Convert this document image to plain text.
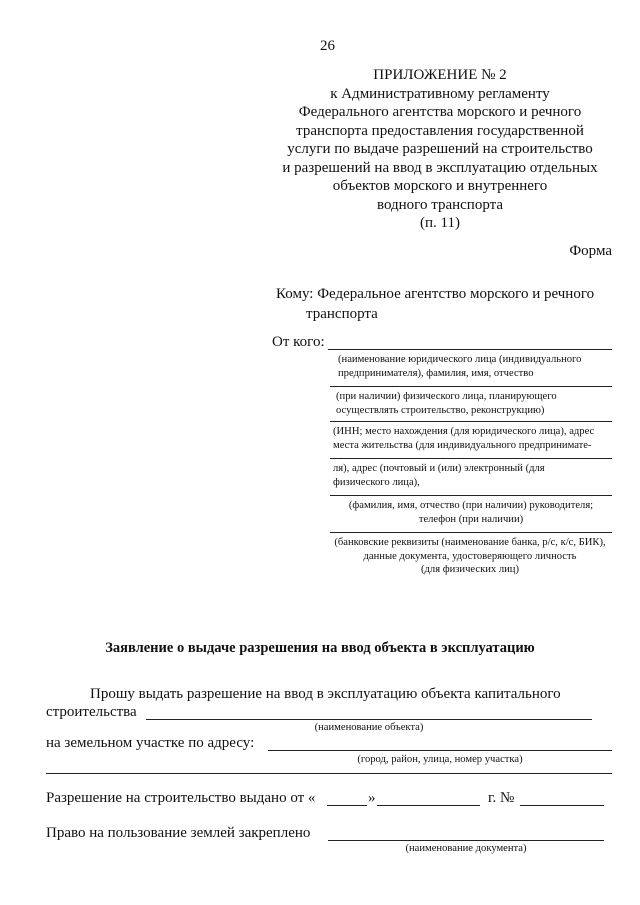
26
ПРИЛОЖЕНИЕ № 2
к Административному регламенту
Федерального агентства морского и речного
транспорта предоставления государственной
услуги по выдаче разрешений на строительство
и разрешений на ввод в эксплуатацию отдельных
объектов морского и внутреннего
водного транспорта
(п. 11)
Форма
Кому: Федеральное агентство морского и речного
транспорта
От кого:
(наименование юридического лица (индивидуального
предпринимателя), фамилия, имя, отчество
(при наличии) физического лица, планирующего
осуществлять строительство, реконструкцию)
(ИНН; место нахождения (для юридического лица), адрес
места жительства (для индивидуального предпринимате-
ля), адрес (почтовый и (или) электронный (для
физического лица),
(фамилия, имя, отчество (при наличии) руководителя;
телефон (при наличии)
(банковские реквизиты (наименование банка, р/с, к/с, БИК),
данные документа, удостоверяющего личность
(для физических лиц)
Заявление о выдаче разрешения на ввод объекта в эксплуатацию
Прошу выдать разрешение на ввод в эксплуатацию объекта капитального
строительства
(наименование объекта)
на земельном участке по адресу:
(город, район, улица, номер участка)
Разрешение на строительство выдано от «	»	г. №
Право на пользование землей закреплено
(наименование документа)
